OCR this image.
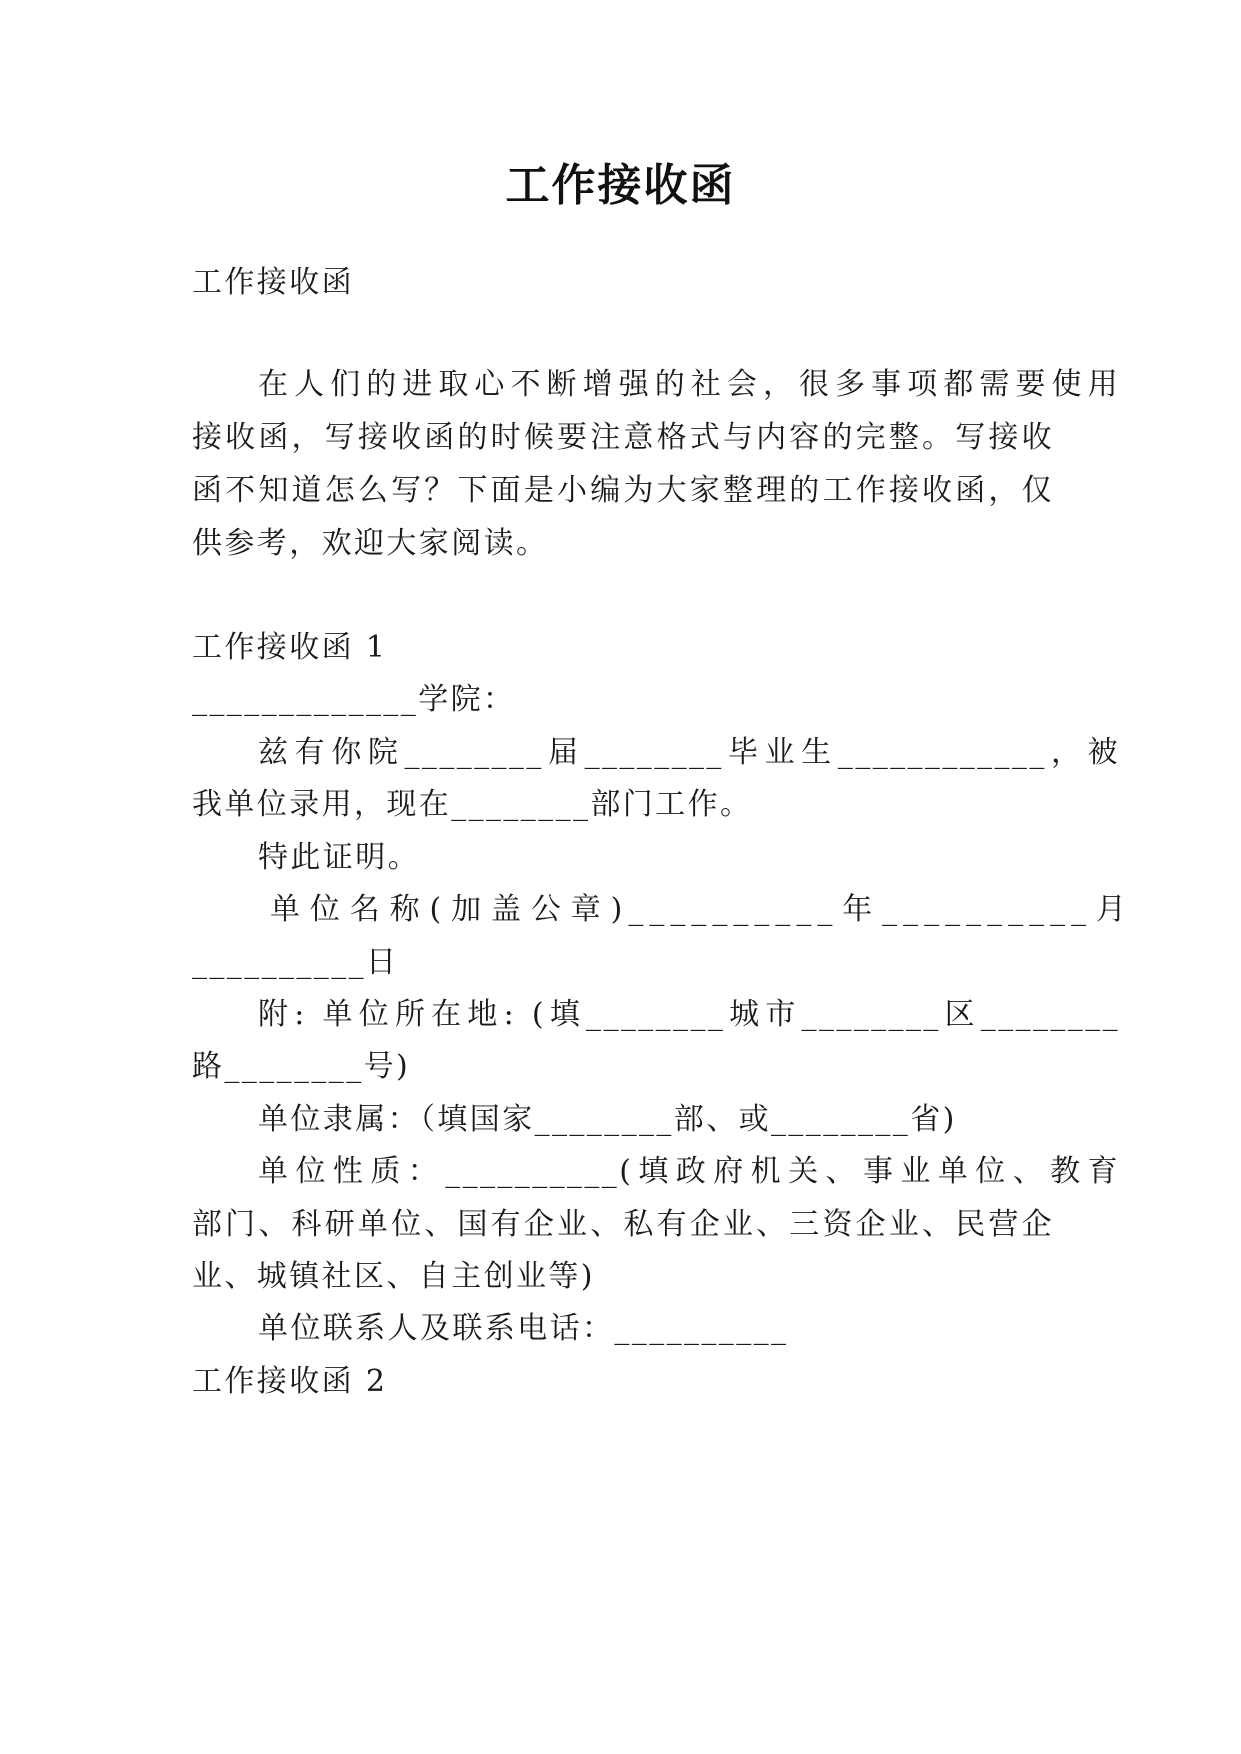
工作接收函
工作接收函
在人们的进取心不断增强的社会，很多事项都需要使用
接收函，写接收函的时候要注意格式与内容的完整。写接收
函不知道怎么写？下面是小编为大家整理的工作接收函，仅
供参考，欢迎大家阅读。
工作接收函 1
_____________学院：
兹有你院________届________毕业生____________，被
我单位录用，现在________部门工作。
特此证明。
单位名称(加盖公章)__________年__________月
__________日
附: 单位所在地: (填________城市________区________
路________号)
单位隶属：（填国家________部、或________省)
单位性质：__________(填政府机关、事业单位、教育
部门、科研单位、国有企业、私有企业、三资企业、民营企
业、城镇社区、自主创业等)
单位联系人及联系电话：__________
工作接收函 2
